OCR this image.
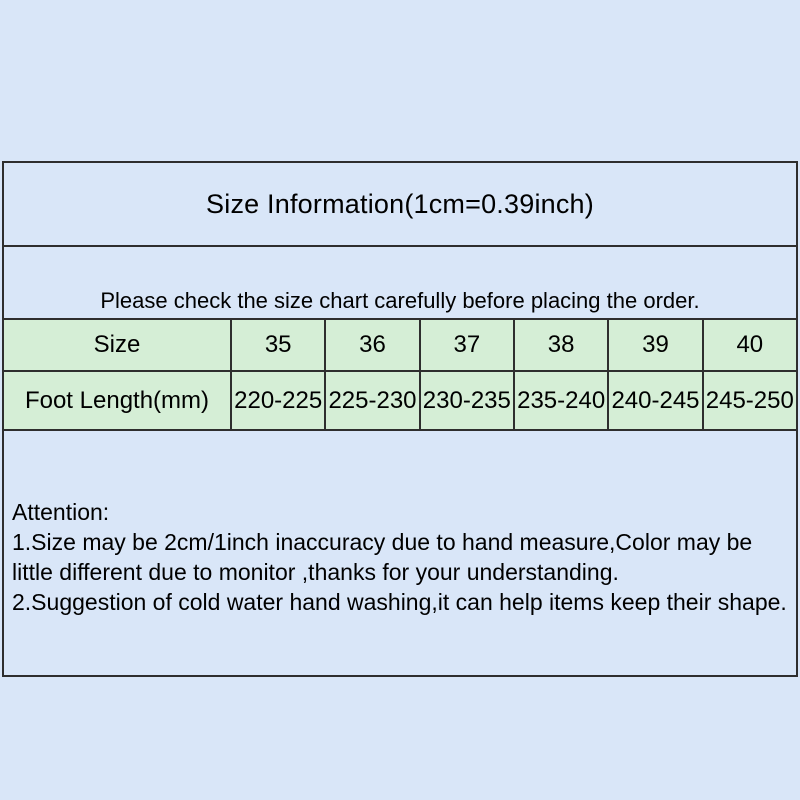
Size Information(1cm=0.39inch)
Please check the size chart carefully before placing the order.
Size	35	36	37	38	39	40
Foot Length(mm)	220-225 225-230 230-235 235-240 240-245 245-250
Attention:
1.Size may be 2cm/1inch inaccuracy due to hand measure,Color may be
little different due to monitor ,thanks for your understanding.
2.Suggestion of cold water hand washing,it can help items keep their shape.
